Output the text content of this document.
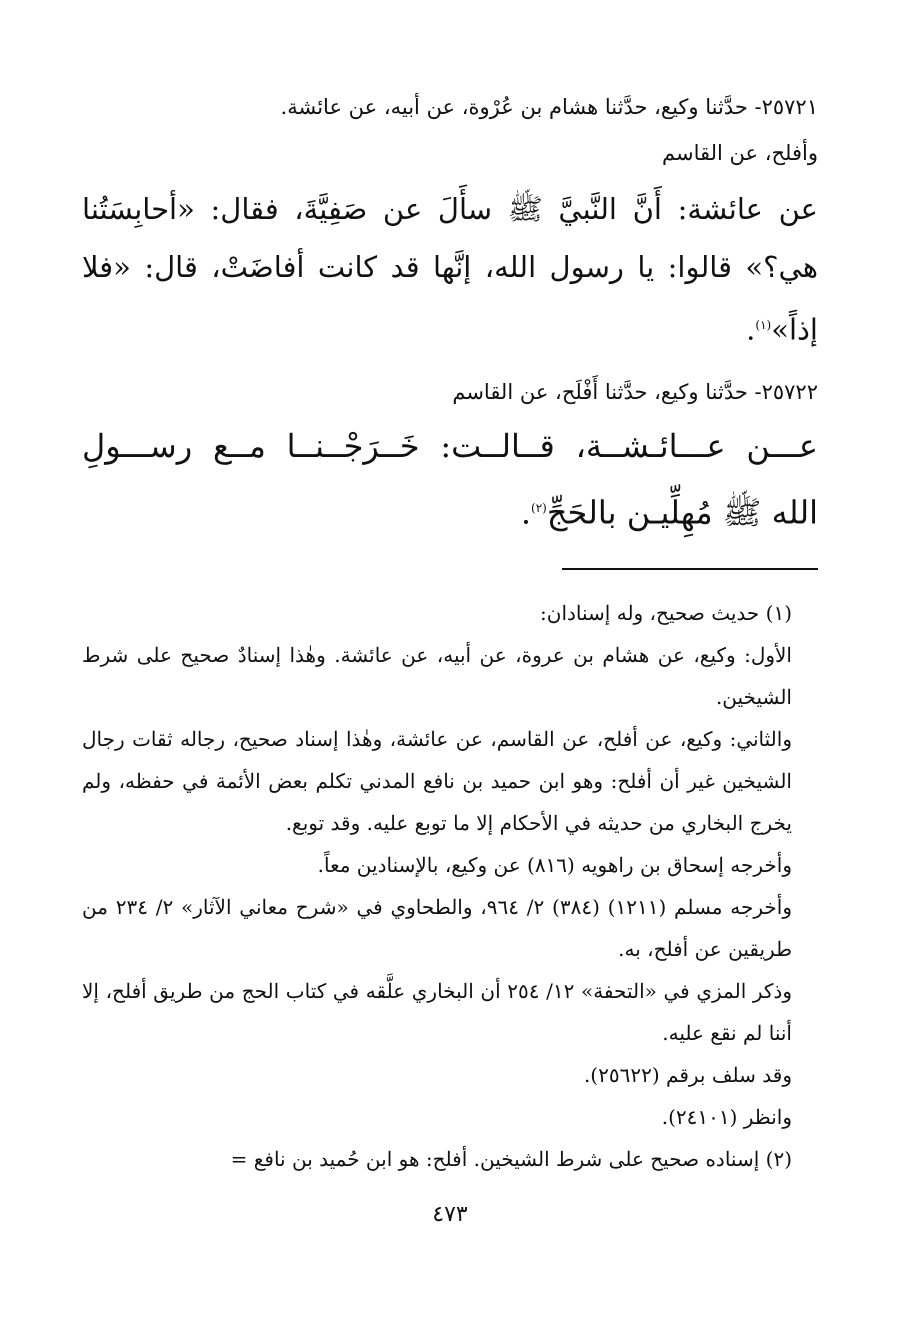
٢٥٧٢١- حدَّثنا وكيع، حدَّثنا هشام بن عُرْوة، عن أبيه، عن عائشة.

وأفلح، عن القاسم

عن عائشة: أَنَّ النَّبيَّ ﷺ سأَلَ عن صَفِيَّةَ، فقال: «أحابِسَتُنا هي؟» قالوا: يا رسول الله، إنَّها قد كانت أفاضَتْ، قال: «فلا إذاً»$^{(١)}$.

٢٥٧٢٢- حدَّثنا وكيع، حدَّثنا أَفْلَح، عن القاسم

عـــن عـــائـشــة، قــالــت: خَــرَجْــنــا مــع رســـولِ الله ﷺ مُهِلِّيـن بالحَجِّ$^{(٢)}$.

(١) حديث صحيح، وله إسنادان:

الأول: وكيع، عن هشام بن عروة، عن أبيه، عن عائشة. وهٰذا إسنادٌ صحيح على شرط الشيخين.

والثاني: وكيع، عن أفلح، عن القاسم، عن عائشة، وهٰذا إسناد صحيح، رجاله ثقات رجال الشيخين غير أن أفلح: وهو ابن حميد بن نافع المدني تكلم بعض الأئمة في حفظه، ولم يخرج البخاري من حديثه في الأحكام إلا ما توبع عليه. وقد توبع.

وأخرجه إسحاق بن راهويه (٨١٦) عن وكيع، بالإسنادين معاً.

وأخرجه مسلم (١٢١١) (٣٨٤) ٢/ ٩٦٤، والطحاوي في «شرح معاني الآثار» ٢/ ٢٣٤ من طريقين عن أفلح، به.

وذكر المزي في «التحفة» ١٢/ ٢٥٤ أن البخاري علَّقه في كتاب الحج من طريق أفلح، إلا أننا لم نقع عليه.

وقد سلف برقم (٢٥٦٢٢).

وانظر (٢٤١٠١).

(٢) إسناده صحيح على شرط الشيخين. أفلح: هو ابن حُميد بن نافع =

٤٧٣
